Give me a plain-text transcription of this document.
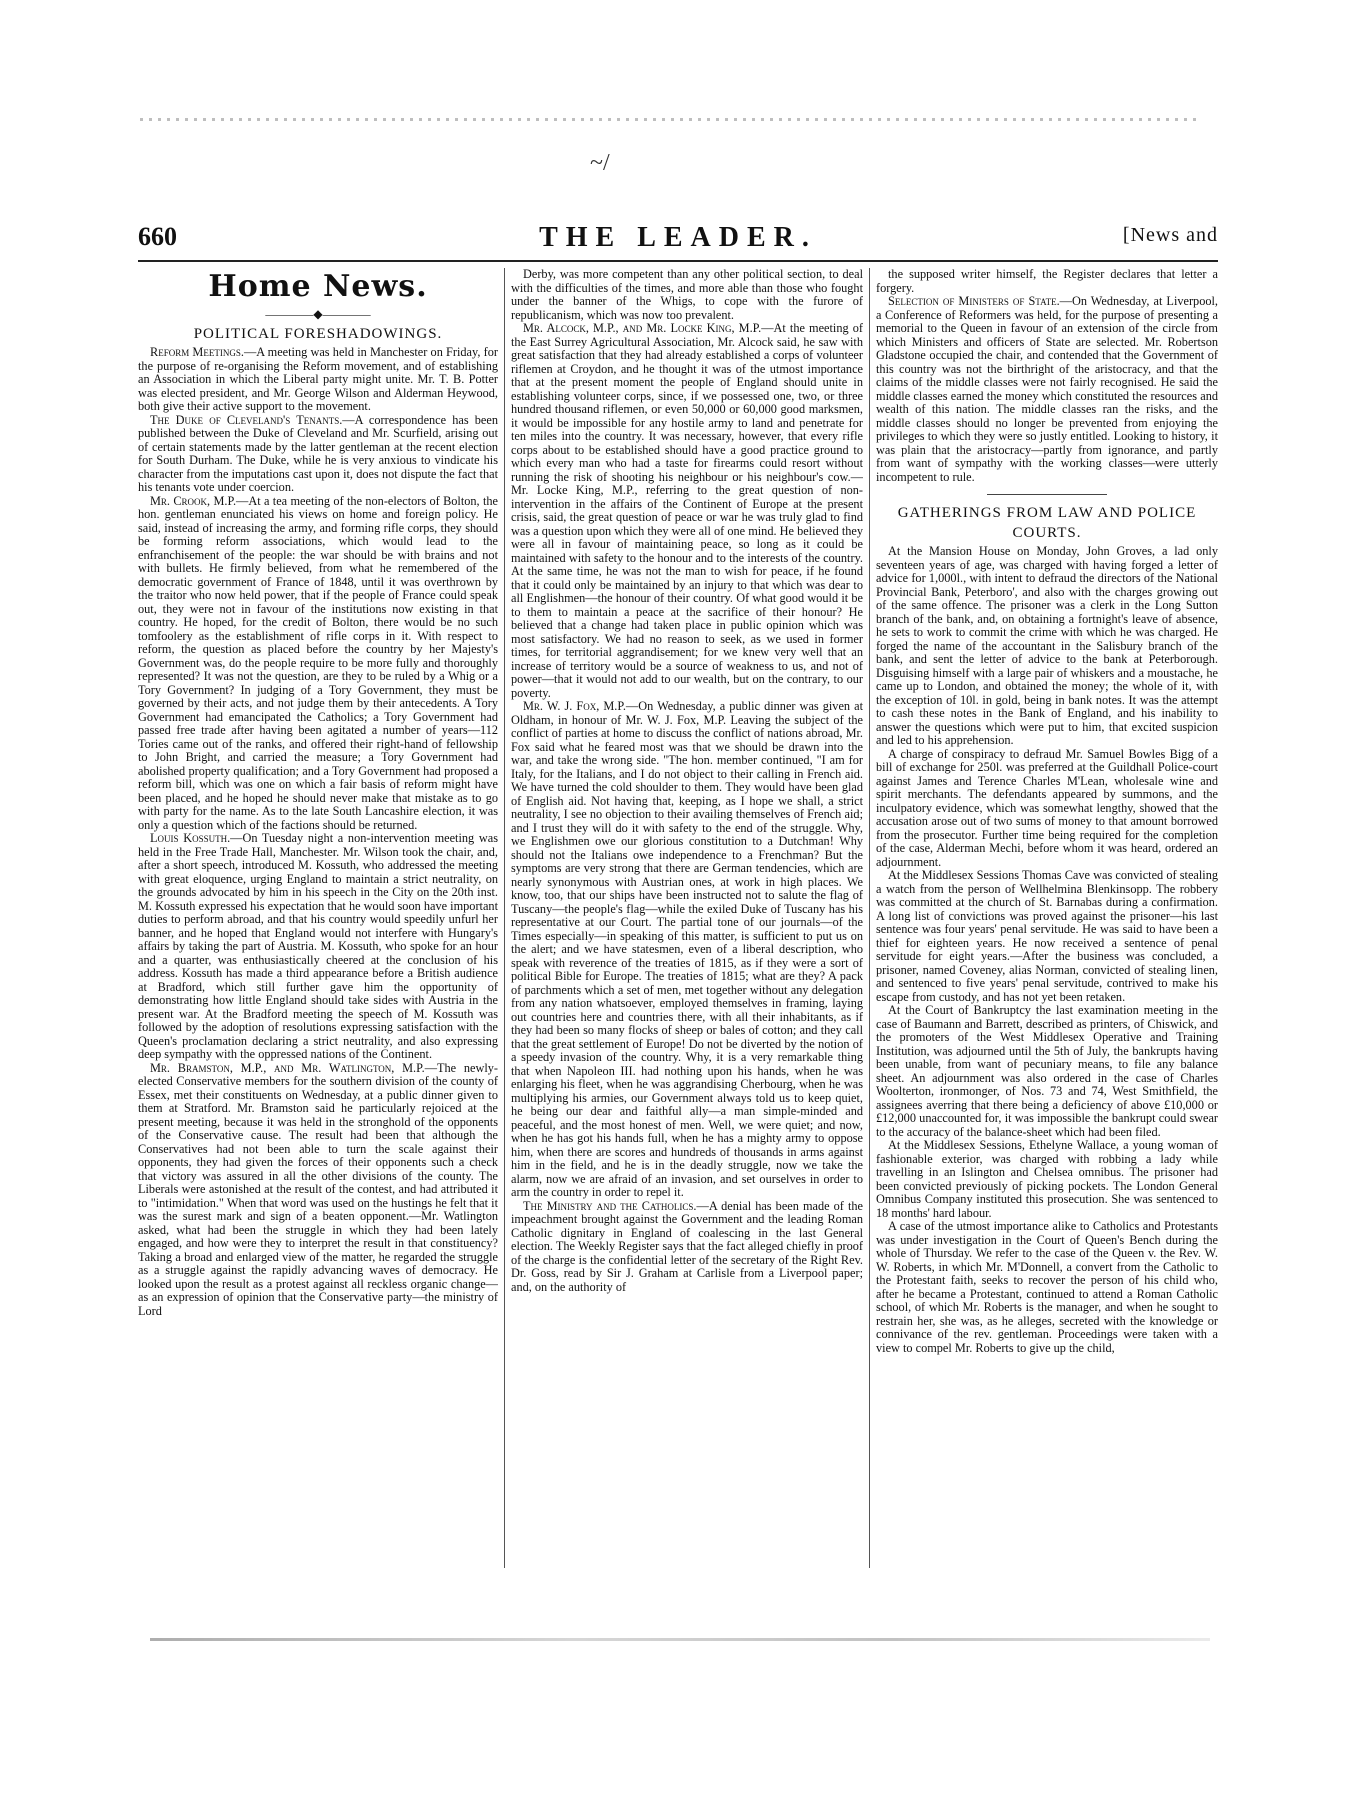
~/
660	THE LEADER.	[News and
Home News.
————◆————
POLITICAL FORESHADOWINGS.

Reform Meetings.—A meeting was held in Manchester on Friday, for the purpose of re-organising the Reform movement, and of establishing an Association in which the Liberal party might unite. Mr. T. B. Potter was elected president, and Mr. George Wilson and Alderman Heywood, both give their active support to the movement.

The Duke of Cleveland's Tenants.—A correspondence has been published between the Duke of Cleveland and Mr. Scurfield, arising out of certain statements made by the latter gentleman at the recent election for South Durham. The Duke, while he is very anxious to vindicate his character from the imputations cast upon it, does not dispute the fact that his tenants vote under coercion.

Mr. Crook, M.P.—At a tea meeting of the non-electors of Bolton, the hon. gentleman enunciated his views on home and foreign policy. He said, instead of increasing the army, and forming rifle corps, they should be forming reform associations, which would lead to the enfranchisement of the people: the war should be with brains and not with bullets. He firmly believed, from what he remembered of the democratic government of France of 1848, until it was overthrown by the traitor who now held power, that if the people of France could speak out, they were not in favour of the institutions now existing in that country. He hoped, for the credit of Bolton, there would be no such tomfoolery as the establishment of rifle corps in it. With respect to reform, the question as placed before the country by her Majesty's Government was, do the people require to be more fully and thoroughly represented? It was not the question, are they to be ruled by a Whig or a Tory Government? In judging of a Tory Government, they must be governed by their acts, and not judge them by their antecedents. A Tory Government had emancipated the Catholics; a Tory Government had passed free trade after having been agitated a number of years—112 Tories came out of the ranks, and offered their right-hand of fellowship to John Bright, and carried the measure; a Tory Government had abolished property qualification; and a Tory Government had proposed a reform bill, which was one on which a fair basis of reform might have been placed, and he hoped he should never make that mistake as to go with party for the name. As to the late South Lancashire election, it was only a question which of the factions should be returned.

Louis Kossuth.—On Tuesday night a non-intervention meeting was held in the Free Trade Hall, Manchester. Mr. Wilson took the chair, and, after a short speech, introduced M. Kossuth, who addressed the meeting with great eloquence, urging England to maintain a strict neutrality, on the grounds advocated by him in his speech in the City on the 20th inst. M. Kossuth expressed his expectation that he would soon have important duties to perform abroad, and that his country would speedily unfurl her banner, and he hoped that England would not interfere with Hungary's affairs by taking the part of Austria. M. Kossuth, who spoke for an hour and a quarter, was enthusiastically cheered at the conclusion of his address. Kossuth has made a third appearance before a British audience at Bradford, which still further gave him the opportunity of demonstrating how little England should take sides with Austria in the present war. At the Bradford meeting the speech of M. Kossuth was followed by the adoption of resolutions expressing satisfaction with the Queen's proclamation declaring a strict neutrality, and also expressing deep sympathy with the oppressed nations of the Continent.

Mr. Bramston, M.P., and Mr. Watlington, M.P.—The newly-elected Conservative members for the southern division of the county of Essex, met their constituents on Wednesday, at a public dinner given to them at Stratford. Mr. Bramston said he particularly rejoiced at the present meeting, because it was held in the stronghold of the opponents of the Conservative cause. The result had been that although the Conservatives had not been able to turn the scale against their opponents, they had given the forces of their opponents such a check that victory was assured in all the other divisions of the county. The Liberals were astonished at the result of the contest, and had attributed it to "intimidation." When that word was used on the hustings he felt that it was the surest mark and sign of a beaten opponent.—Mr. Watlington asked, what had been the struggle in which they had been lately engaged, and how were they to interpret the result in that constituency? Taking a broad and enlarged view of the matter, he regarded the struggle as a struggle against the rapidly advancing waves of democracy. He looked upon the result as a protest against all reckless organic change—as an expression of opinion that the Conservative party—the ministry of Lord

Derby, was more competent than any other political section, to deal with the difficulties of the times, and more able than those who fought under the banner of the Whigs, to cope with the furore of republicanism, which was now too prevalent.

Mr. Alcock, M.P., and Mr. Locke King, M.P.—At the meeting of the East Surrey Agricultural Association, Mr. Alcock said, he saw with great satisfaction that they had already established a corps of volunteer riflemen at Croydon, and he thought it was of the utmost importance that at the present moment the people of England should unite in establishing volunteer corps, since, if we possessed one, two, or three hundred thousand riflemen, or even 50,000 or 60,000 good marksmen, it would be impossible for any hostile army to land and penetrate for ten miles into the country. It was necessary, however, that every rifle corps about to be established should have a good practice ground to which every man who had a taste for firearms could resort without running the risk of shooting his neighbour or his neighbour's cow.—Mr. Locke King, M.P., referring to the great question of non-intervention in the affairs of the Continent of Europe at the present crisis, said, the great question of peace or war he was truly glad to find was a question upon which they were all of one mind. He believed they were all in favour of maintaining peace, so long as it could be maintained with safety to the honour and to the interests of the country. At the same time, he was not the man to wish for peace, if he found that it could only be maintained by an injury to that which was dear to all Englishmen—the honour of their country. Of what good would it be to them to maintain a peace at the sacrifice of their honour? He believed that a change had taken place in public opinion which was most satisfactory. We had no reason to seek, as we used in former times, for territorial aggrandisement; for we knew very well that an increase of territory would be a source of weakness to us, and not of power—that it would not add to our wealth, but on the contrary, to our poverty.

Mr. W. J. Fox, M.P.—On Wednesday, a public dinner was given at Oldham, in honour of Mr. W. J. Fox, M.P. Leaving the subject of the conflict of parties at home to discuss the conflict of nations abroad, Mr. Fox said what he feared most was that we should be drawn into the war, and take the wrong side. "The hon. member continued, "I am for Italy, for the Italians, and I do not object to their calling in French aid. We have turned the cold shoulder to them. They would have been glad of English aid. Not having that, keeping, as I hope we shall, a strict neutrality, I see no objection to their availing themselves of French aid; and I trust they will do it with safety to the end of the struggle. Why, we Englishmen owe our glorious constitution to a Dutchman! Why should not the Italians owe independence to a Frenchman? But the symptoms are very strong that there are German tendencies, which are nearly synonymous with Austrian ones, at work in high places. We know, too, that our ships have been instructed not to salute the flag of Tuscany—the people's flag—while the exiled Duke of Tuscany has his representative at our Court. The partial tone of our journals—of the Times especially—in speaking of this matter, is sufficient to put us on the alert; and we have statesmen, even of a liberal description, who speak with reverence of the treaties of 1815, as if they were a sort of political Bible for Europe. The treaties of 1815; what are they? A pack of parchments which a set of men, met together without any delegation from any nation whatsoever, employed themselves in framing, laying out countries here and countries there, with all their inhabitants, as if they had been so many flocks of sheep or bales of cotton; and they call that the great settlement of Europe! Do not be diverted by the notion of a speedy invasion of the country. Why, it is a very remarkable thing that when Napoleon III. had nothing upon his hands, when he was enlarging his fleet, when he was aggrandising Cherbourg, when he was multiplying his armies, our Government always told us to keep quiet, he being our dear and faithful ally—a man simple-minded and peaceful, and the most honest of men. Well, we were quiet; and now, when he has got his hands full, when he has a mighty army to oppose him, when there are scores and hundreds of thousands in arms against him in the field, and he is in the deadly struggle, now we take the alarm, now we are afraid of an invasion, and set ourselves in order to arm the country in order to repel it.

The Ministry and the Catholics.—A denial has been made of the impeachment brought against the Government and the leading Roman Catholic dignitary in England of coalescing in the last General election. The Weekly Register says that the fact alleged chiefly in proof of the charge is the confidential letter of the secretary of the Right Rev. Dr. Goss, read by Sir J. Graham at Carlisle from a Liverpool paper; and, on the authority of

the supposed writer himself, the Register declares that letter a forgery.

Selection of Ministers of State.—On Wednesday, at Liverpool, a Conference of Reformers was held, for the purpose of presenting a memorial to the Queen in favour of an extension of the circle from which Ministers and officers of State are selected. Mr. Robertson Gladstone occupied the chair, and contended that the Government of this country was not the birthright of the aristocracy, and that the claims of the middle classes were not fairly recognised. He said the middle classes earned the money which constituted the resources and wealth of this nation. The middle classes ran the risks, and the middle classes should no longer be prevented from enjoying the privileges to which they were so justly entitled. Looking to history, it was plain that the aristocracy—partly from ignorance, and partly from want of sympathy with the working classes—were utterly incompetent to rule.

GATHERINGS FROM LAW AND POLICE COURTS.

At the Mansion House on Monday, John Groves, a lad only seventeen years of age, was charged with having forged a letter of advice for 1,000l., with intent to defraud the directors of the National Provincial Bank, Peterboro', and also with the charges growing out of the same offence. The prisoner was a clerk in the Long Sutton branch of the bank, and, on obtaining a fortnight's leave of absence, he sets to work to commit the crime with which he was charged. He forged the name of the accountant in the Salisbury branch of the bank, and sent the letter of advice to the bank at Peterborough. Disguising himself with a large pair of whiskers and a moustache, he came up to London, and obtained the money; the whole of it, with the exception of 10l. in gold, being in bank notes. It was the attempt to cash these notes in the Bank of England, and his inability to answer the questions which were put to him, that excited suspicion and led to his apprehension.

A charge of conspiracy to defraud Mr. Samuel Bowles Bigg of a bill of exchange for 250l. was preferred at the Guildhall Police-court against James and Terence Charles M'Lean, wholesale wine and spirit merchants. The defendants appeared by summons, and the inculpatory evidence, which was somewhat lengthy, showed that the accusation arose out of two sums of money to that amount borrowed from the prosecutor. Further time being required for the completion of the case, Alderman Mechi, before whom it was heard, ordered an adjournment.

At the Middlesex Sessions Thomas Cave was convicted of stealing a watch from the person of Wellhelmina Blenkinsopp. The robbery was committed at the church of St. Barnabas during a confirmation. A long list of convictions was proved against the prisoner—his last sentence was four years' penal servitude. He was said to have been a thief for eighteen years. He now received a sentence of penal servitude for eight years.—After the business was concluded, a prisoner, named Coveney, alias Norman, convicted of stealing linen, and sentenced to five years' penal servitude, contrived to make his escape from custody, and has not yet been retaken.

At the Court of Bankruptcy the last examination meeting in the case of Baumann and Barrett, described as printers, of Chiswick, and the promoters of the West Middlesex Operative and Training Institution, was adjourned until the 5th of July, the bankrupts having been unable, from want of pecuniary means, to file any balance sheet. An adjournment was also ordered in the case of Charles Woolterton, ironmonger, of Nos. 73 and 74, West Smithfield, the assignees averring that there being a deficiency of above £10,000 or £12,000 unaccounted for, it was impossible the bankrupt could swear to the accuracy of the balance-sheet which had been filed.

At the Middlesex Sessions, Ethelyne Wallace, a young woman of fashionable exterior, was charged with robbing a lady while travelling in an Islington and Chelsea omnibus. The prisoner had been convicted previously of picking pockets. The London General Omnibus Company instituted this prosecution. She was sentenced to 18 months' hard labour.

A case of the utmost importance alike to Catholics and Protestants was under investigation in the Court of Queen's Bench during the whole of Thursday. We refer to the case of the Queen v. the Rev. W. W. Roberts, in which Mr. M'Donnell, a convert from the Catholic to the Protestant faith, seeks to recover the person of his child who, after he became a Protestant, continued to attend a Roman Catholic school, of which Mr. Roberts is the manager, and when he sought to restrain her, she was, as he alleges, secreted with the knowledge or connivance of the rev. gentleman. Proceedings were taken with a view to compel Mr. Roberts to give up the child,
